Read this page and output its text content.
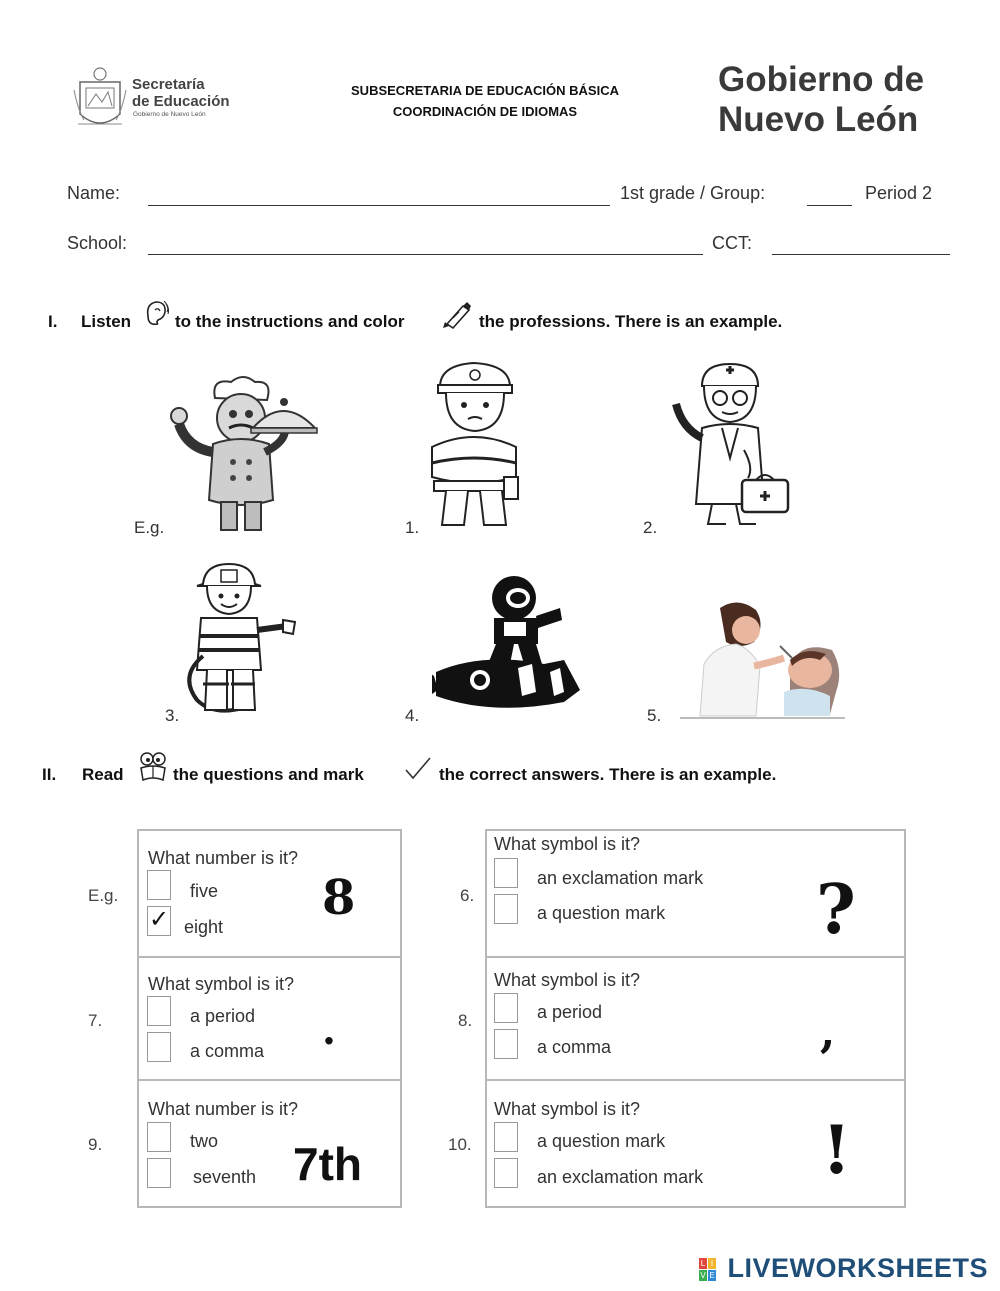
Secretaría
de Educación
Gobierno de Nuevo León
SUBSECRETARIA DE EDUCACIÓN BÁSICA
COORDINACIÓN DE IDIOMAS
Gobierno de
Nuevo León
Name:	1st grade / Group:	Period 2
School:	CCT:
I. Listen	to the instructions and color	the professions. There is an example.
E.g.	1.	2.
3.	4.	5.
II. Read	the questions and mark	the correct answers. There is an example.
E.g.
What number is it?
five
✓ eight
8	6.
What symbol is it?
an exclamation mark
a question mark ?
7.
What symbol is it?
a period
a comma .	8.
What symbol is it?
a period
a comma	,
9.
What number is it?
two
seventh 7th	10.
What symbol is it?
a question mark
an exclamation mark !
L I
V E LIVEWORKSHEETS
